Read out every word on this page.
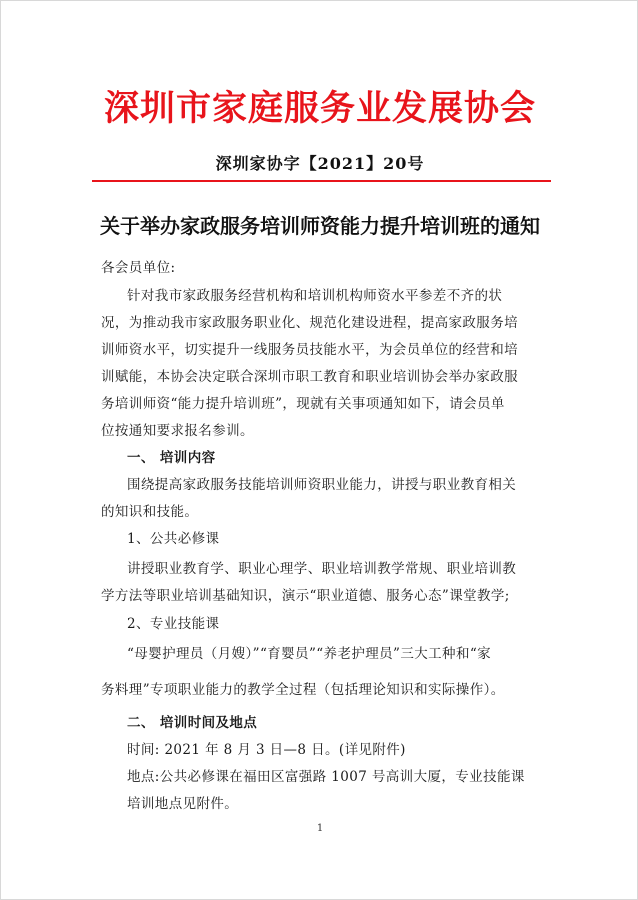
深圳市家庭服务业发展协会
深圳家协字【2021】20号
关于举办家政服务培训师资能力提升培训班的通知
各会员单位:
针对我市家政服务经营机构和培训机构师资水平参差不齐的状
况，为推动我市家政服务职业化、规范化建设进程，提高家政服务培
训师资水平，切实提升一线服务员技能水平，为会员单位的经营和培
训赋能，本协会决定联合深圳市职工教育和职业培训协会举办家政服
务培训师资“能力提升培训班”，现就有关事项通知如下，请会员单
位按通知要求报名参训。
一、 培训内容
围绕提高家政服务技能培训师资职业能力，讲授与职业教育相关
的知识和技能。
1、公共必修课
讲授职业教育学、职业心理学、职业培训教学常规、职业培训教
学方法等职业培训基础知识，演示“职业道德、服务心态”课堂教学;
2、专业技能课
“母婴护理员（月嫂）”“育婴员”“养老护理员”三大工种和“家
务料理”专项职业能力的教学全过程（包括理论知识和实际操作）。
二、 培训时间及地点
时间: 2021 年 8 月 3 日—8 日。(详见附件)
地点:公共必修课在福田区富强路 1007 号高训大厦，专业技能课
培训地点见附件。
1
